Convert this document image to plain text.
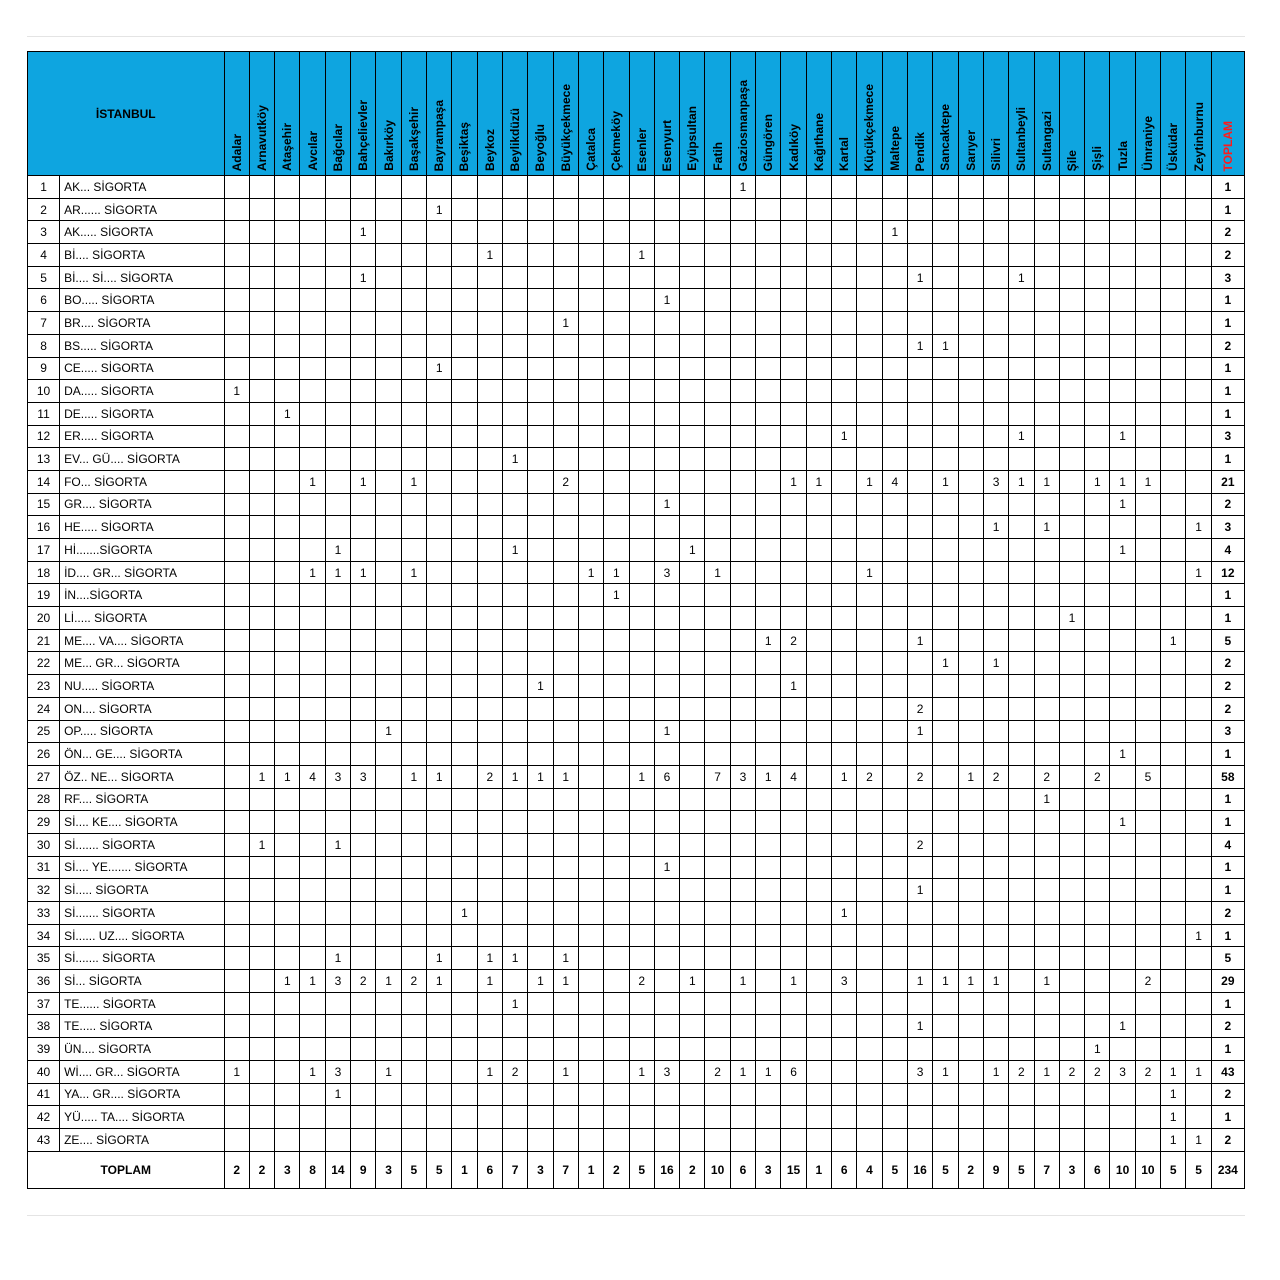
İSTANBUL		Adalar	Arnavutköy	Ataşehir	Avcılar	Bağcılar	Bahçelievler	Bakırköy	Başakşehir	Bayrampaşa	Beşiktaş	Beykoz	Beylikdüzü	Beyoğlu	Büyükçekmece	Çatalca	Çekmeköy	Esenler	Esenyurt	Eyüpsultan	Fatih	Gaziosmanpaşa	Güngören	Kadıköy	Kağıthane	Kartal	Küçükçekmece	Maltepe	Pendik	Sancaktepe	Sarıyer	Silivri	Sultanbeyli	Sultangazi	Şile	Şişli	Tuzla	Ümraniye	Üsküdar	Zeytinburnu	TOPLAM

1	AK... SİGORTA																					1																			1
2	AR...... SİGORTA									1																															1
3	AK..... SİGORTA						1																					1													2
4	Bİ.... SİGORTA											1						1																							2
5	Bİ.... Sİ.... SİGORTA						1																						1				1								3
6	BO..... SİGORTA																		1																						1
7	BR.... SİGORTA														1																										1
8	BS..... SİGORTA																												1	1											2
9	CE..... SİGORTA									1																															1
10	DA..... SİGORTA	1																																							1
11	DE..... SİGORTA			1																																					1
12	ER..... SİGORTA																									1							1				1				3
13	EV... GÜ.... SİGORTA												1																												1
14	FO... SİGORTA				1		1		1						2									1	1		1	4		1		3	1	1		1	1	1			21
15	GR.... SİGORTA																		1																		1				2
16	HE..... SİGORTA																															1		1						1	3
17	Hİ.......SİGORTA					1							1							1																	1				4
18	İD.... GR... SİGORTA				1	1	1		1							1	1		3		1						1													1	12
19	İN....SİGORTA																1																								1
20	Lİ..... SİGORTA																																		1						1
21	ME.... VA.... SİGORTA																						1	2					1										1		5
22	ME... GR... SİGORTA																													1		1									2
23	NU..... SİGORTA													1										1																	2
24	ON.... SİGORTA																												2												2
25	OP..... SİGORTA							1											1										1												3
26	ÖN... GE.... SİGORTA																																				1				1
27	ÖZ.. NE... SİGORTA		1	1	4	3	3		1	1		2	1	1	1			1	6		7	3	1	4		1	2		2		1	2		2		2		5			58
28	RF.... SİGORTA																																	1							1
29	Sİ.... KE.... SİGORTA																																				1				1
30	Sİ....... SİGORTA		1			1																							2												4
31	Sİ.... YE....... SİGORTA																		1																						1
32	Sİ..... SİGORTA																												1												1
33	Sİ....... SİGORTA										1															1															2
34	Sİ...... UZ.... SİGORTA																																							1	1
35	Sİ....... SİGORTA					1				1		1	1		1																										5
36	Sİ... SİGORTA			1	1	3	2	1	2	1		1		1	1			2		1		1		1		3			1	1	1	1		1				2			29
37	TE...... SİGORTA												1																												1
38	TE..... SİGORTA																												1								1				2
39	ÜN.... SİGORTA																																			1					1
40	Wİ.... GR... SİGORTA	1			1	3		1				1	2		1			1	3		2	1	1	6					3	1		1	2	1	2	2	3	2	1	1	43
41	YA... GR.... SİGORTA					1																																	1		2
42	YÜ..... TA.... SİGORTA																																						1		1
43	ZE.... SİGORTA																																						1	1	2
TOPLAM		2	2	3	8	14	9	3	5	5	1	6	7	3	7	1	2	5	16	2	10	6	3	15	1	6	4	5	16	5	2	9	5	7	3	6	10	10	5	5	234
